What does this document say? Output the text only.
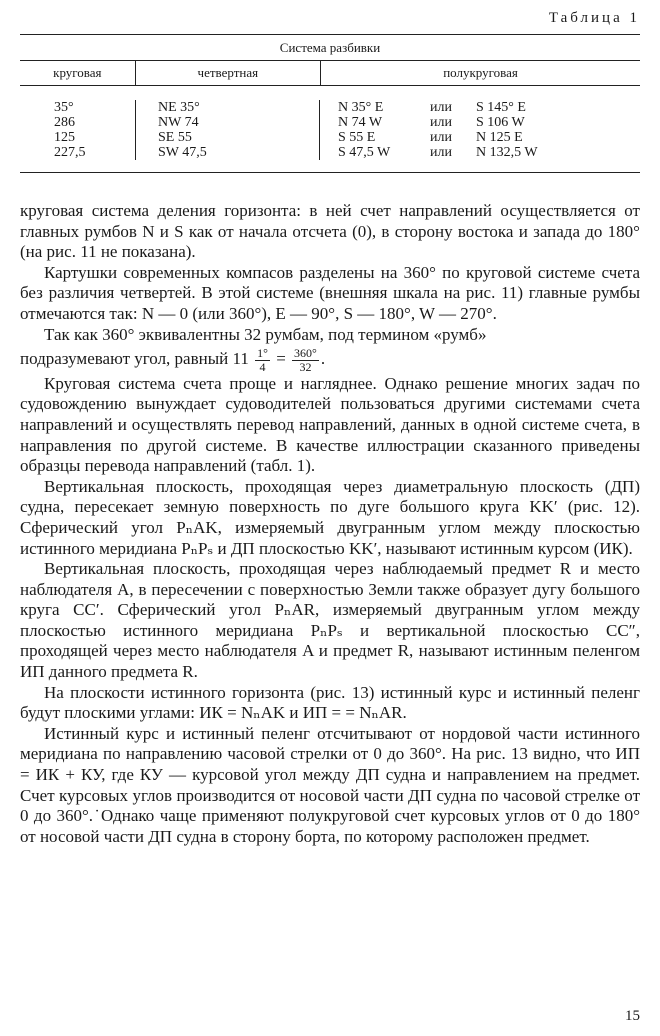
Таблица 1
Система разбивки
круговая	четвертная	полукруговая
35°	NE 35°	N 35° E	или	S 145° E
286	NW 74	N 74 W	или	S 106 W
125	SE 55	S 55 E	или	N 125 E
227,5	SW 47,5	S 47,5 W	или	N 132,5 W

круговая система деления горизонта: в ней счет направлений осуществляется от главных румбов N и S как от начала отсчета (0), в сторону востока и запада до 180° (на рис. 11 не показана).

Картушки современных компасов разделены на 360° по круговой системе счета без различия четвертей. В этой системе (внешняя шкала на рис. 11) главные румбы отмечаются так: N — 0 (или 360°), E — 90°, S — 180°, W — 270°.

Так как 360° эквивалентны 32 румбам, под термином «румб»

подразумевают угол, равный $11 \frac{1^\circ}{4} = \frac{360^\circ}{32}$ .

Круговая система счета проще и нагляднее. Однако решение многих задач по судовождению вынуждает судоводителей пользоваться другими системами счета направлений и осуществлять перевод направлений, данных в одной системе счета, в направления по другой системе. В качестве иллюстрации сказанного приведены образцы перевода направлений (табл. 1).

Вертикальная плоскость, проходящая через диаметральную плоскость (ДП) судна, пересекает земную поверхность по дуге большого круга KK′ (рис. 12). Сферический угол PₙAK, измеряемый двугранным углом между плоскостью истинного меридиана PₙPₛ и ДП плоскостью KK′, называют истинным курсом (ИК).

Вертикальная плоскость, проходящая через наблюдаемый предмет R и место наблюдателя A, в пересечении с поверхностью Земли также образует дугу большого круга CC′. Сферический угол PₙAR, измеряемый двугранным углом между плоскостью истинного меридиана PₙPₛ и вертикальной плоскостью CC″, проходящей через место наблюдателя A и предмет R, называют истинным пеленгом ИП данного предмета R.

На плоскости истинного горизонта (рис. 13) истинный курс и истинный пеленг будут плоскими углами: ИК = NₙAK и ИП = = NₙAR.

Истинный курс и истинный пеленг отсчитывают от нордовой части истинного меридиана по направлению часовой стрелки от 0 до 360°. На рис. 13 видно, что ИП = ИК + КУ, где КУ — курсовой угол между ДП судна и направлением на предмет. Счет курсовых углов производится от носовой части ДП судна по часовой стрелке от 0 до 360°.˙Однако чаще применяют полукруговой счет курсовых углов от 0 до 180° от носовой части ДП судна в сторону борта, по которому расположен предмет.

15
